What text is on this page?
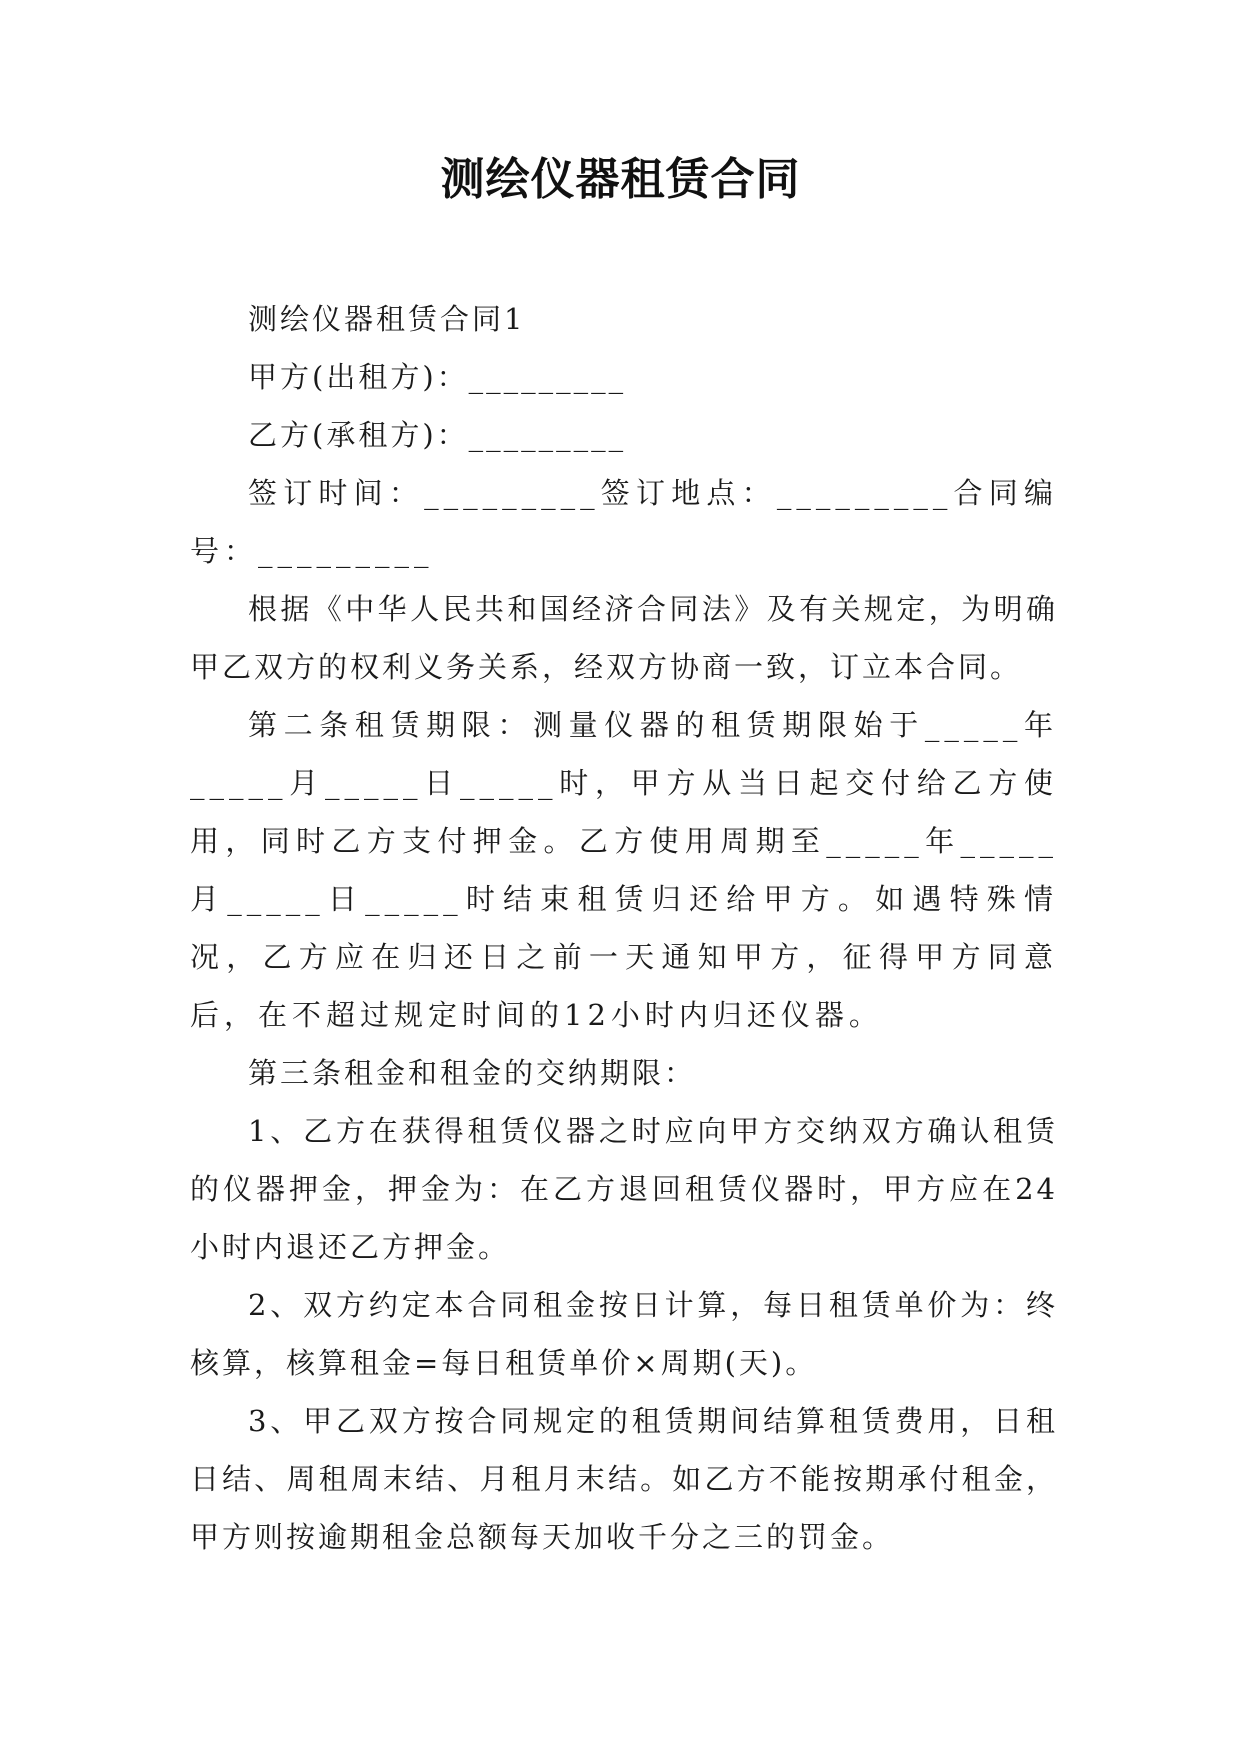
测绘仪器租赁合同

测绘仪器租赁合同1

甲方(出租方)：_________

乙方(承租方)：_________

签订时间：_________签订地点：_________合同编号：_________

根据《中华人民共和国经济合同法》及有关规定，为明确甲乙双方的权利义务关系，经双方协商一致，订立本合同。

第二条租赁期限：测量仪器的租赁期限始于_____年_____月_____日_____时，甲方从当日起交付给乙方使用，同时乙方支付押金。乙方使用周期至_____年_____月_____日_____时结束租赁归还给甲方。如遇特殊情况，乙方应在归还日之前一天通知甲方，征得甲方同意后，在不超过规定时间的12小时内归还仪器。

第三条租金和租金的交纳期限：

1、乙方在获得租赁仪器之时应向甲方交纳双方确认租赁的仪器押金，押金为：在乙方退回租赁仪器时，甲方应在24小时内退还乙方押金。

2、双方约定本合同租金按日计算，每日租赁单价为：终核算，核算租金=每日租赁单价×周期(天)。

3、甲乙双方按合同规定的租赁期间结算租赁费用，日租日结、周租周末结、月租月末结。如乙方不能按期承付租金，甲方则按逾期租金总额每天加收千分之三的罚金。
